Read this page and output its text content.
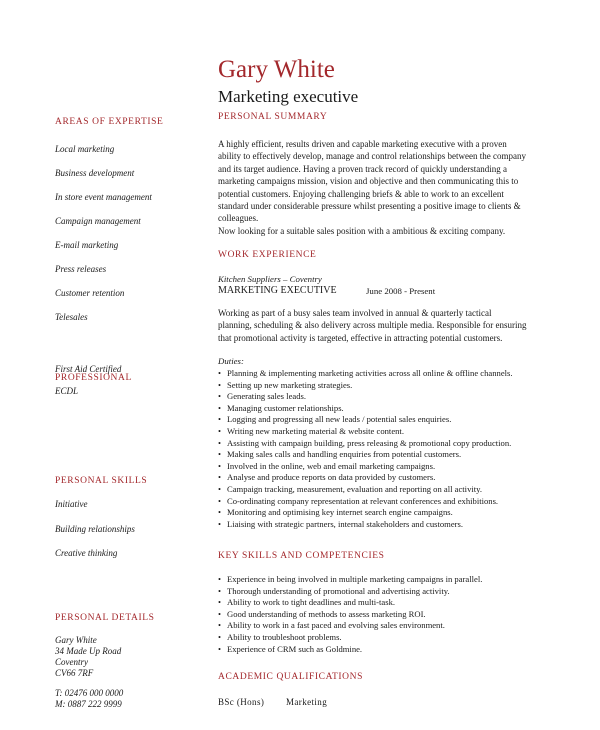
Gary White
Marketing executive
AREAS OF EXPERTISE
Local marketing
Business development
In store event management
Campaign management
E-mail marketing
Press releases
Customer retention
Telesales
PROFESSIONAL
First Aid Certified
ECDL
PERSONAL SKILLS
Initiative
Building relationships
Creative thinking
PERSONAL DETAILS
Gary White
34 Made Up Road
Coventry
CV66 7RF
T: 02476 000 0000
M: 0887 222 9999
PERSONAL SUMMARY
A highly efficient, results driven and capable marketing executive with a proven
ability to effectively develop, manage and control relationships between the company
and its target audience. Having a proven track record of quickly understanding a
marketing campaigns mission, vision and objective and then communicating this to
potential customers. Enjoying challenging briefs & able to work to an excellent
standard under considerable pressure whilst presenting a positive image to clients &
colleagues.
Now looking for a suitable sales position with a ambitious & exciting company.
WORK EXPERIENCE
Kitchen Suppliers – Coventry
MARKETING EXECUTIVE	June 2008 - Present
Working as part of a busy sales team involved in annual & quarterly tactical
planning, scheduling & also delivery across multiple media. Responsible for ensuring
that promotional activity is targeted, effective in attracting potential customers.
Duties:
• Planning & implementing marketing activities across all online & offline channels.
• Setting up new marketing strategies.
• Generating sales leads.
• Managing customer relationships.
• Logging and progressing all new leads / potential sales enquiries.
• Writing new marketing material & website content.
• Assisting with campaign building, press releasing & promotional copy production.
• Making sales calls and handling enquiries from potential customers.
• Involved in the online, web and email marketing campaigns.
• Analyse and produce reports on data provided by customers.
• Campaign tracking, measurement, evaluation and reporting on all activity.
• Co-ordinating company representation at relevant conferences and exhibitions.
• Monitoring and optimising key internet search engine campaigns.
• Liaising with strategic partners, internal stakeholders and customers.
KEY SKILLS AND COMPETENCIES
• Experience in being involved in multiple marketing campaigns in parallel.
• Thorough understanding of promotional and advertising activity.
• Ability to work to tight deadlines and multi-task.
• Good understanding of methods to assess marketing ROI.
• Ability to work in a fast paced and evolving sales environment.
• Ability to troubleshoot problems.
• Experience of CRM such as Goldmine.
ACADEMIC QUALIFICATIONS
BSc (Hons) Marketing
